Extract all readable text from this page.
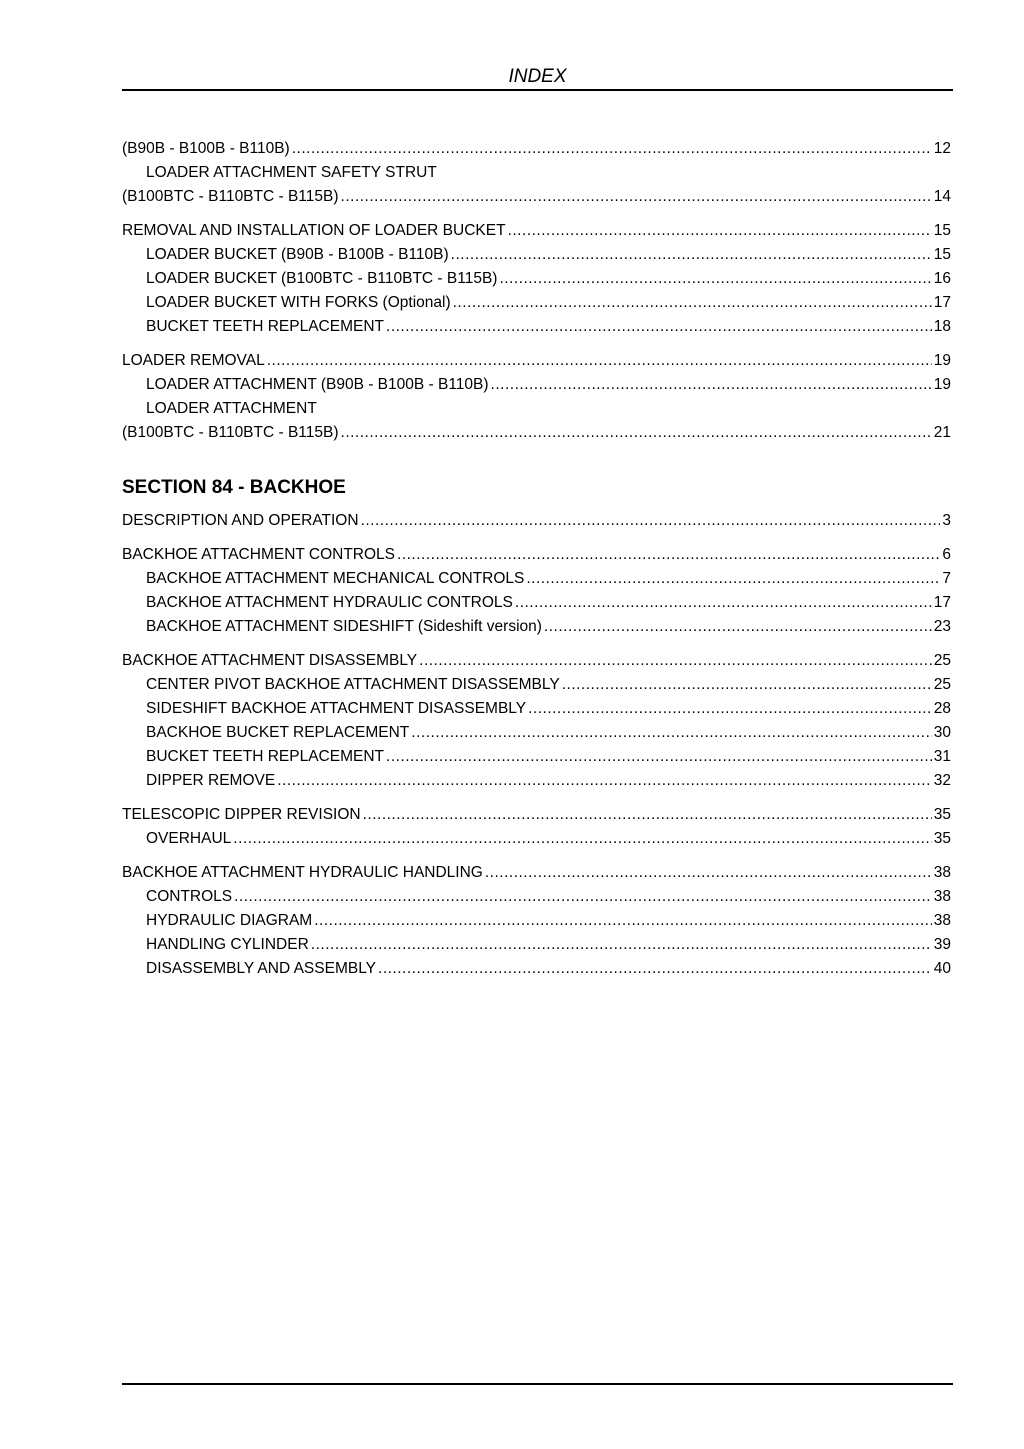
INDEX
(B90B - B100B - B110B) .....	12
LOADER ATTACHMENT SAFETY STRUT
(B100BTC - B110BTC - B115B) .....	14
REMOVAL AND INSTALLATION OF LOADER BUCKET .....	15
LOADER BUCKET (B90B - B100B - B110B) .....	15
LOADER BUCKET (B100BTC - B110BTC - B115B) .....	16
LOADER BUCKET WITH FORKS (Optional) .....	17
BUCKET TEETH REPLACEMENT .....	18
LOADER REMOVAL .....	19
LOADER ATTACHMENT (B90B - B100B - B110B) .....	19
LOADER ATTACHMENT
(B100BTC - B110BTC - B115B) .....	21
SECTION 84 - BACKHOE
DESCRIPTION AND OPERATION .....	3
BACKHOE ATTACHMENT CONTROLS .....	6
BACKHOE ATTACHMENT MECHANICAL CONTROLS .....	7
BACKHOE ATTACHMENT HYDRAULIC CONTROLS .....	17
BACKHOE ATTACHMENT SIDESHIFT (Sideshift version) .....	23
BACKHOE ATTACHMENT DISASSEMBLY .....	25
CENTER PIVOT BACKHOE ATTACHMENT DISASSEMBLY .....	25
SIDESHIFT BACKHOE ATTACHMENT DISASSEMBLY .....	28
BACKHOE BUCKET REPLACEMENT .....	30
BUCKET TEETH REPLACEMENT .....	31
DIPPER REMOVE .....	32
TELESCOPIC DIPPER REVISION .....	35
OVERHAUL .....	35
BACKHOE ATTACHMENT HYDRAULIC HANDLING .....	38
CONTROLS .....	38
HYDRAULIC DIAGRAM .....	38
HANDLING CYLINDER .....	39
DISASSEMBLY AND ASSEMBLY .....	40
